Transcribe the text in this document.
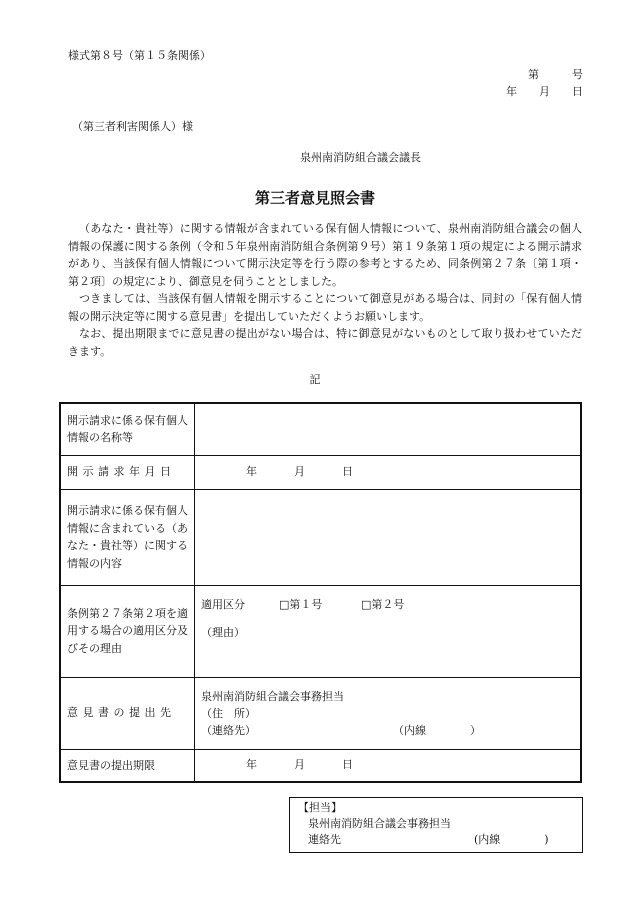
様式第８号（第１５条関係）
第　　　号
年　　月　　日
（第三者利害関係人）様
泉州南消防組合議会議長
第三者意見照会書

（あなた・貴社等）に関する情報が含まれている保有個人情報について、泉州南消防組合議会の個人情報の保護に関する条例（令和５年泉州南消防組合条例第９号）第１９条第１項の規定による開示請求があり、当該保有個人情報について開示決定等を行う際の参考とするため、同条例第２７条〔第１項・第２項〕の規定により、御意見を伺うこととしました。

つきましては、当該保有個人情報を開示することについて御意見がある場合は、同封の「保有個人情報の開示決定等に関する意見書」を提出していただくようお願いします。

なお、提出期限までに意見書の提出がない場合は、特に御意見がないものとして取り扱わせていただきます。

記
開示請求に係る保有個人情報の名称等	

開示請求年月日	年 月 日
開示請求に係る保有個人情報に含まれている（あなた・貴社等）に関する情報の内容	
条例第２７条第２項を適用する場合の適用区分及びその理由	適用区分 □第１号 □第２号
（理由）

意見書の提出先	泉州南消防組合議会事務担当
（住　所）
（連絡先） （内線　　　　）

意見書の提出期限	年 月 日
【担当】
泉州南消防組合議会事務担当
連絡先	(内線　　　　)
